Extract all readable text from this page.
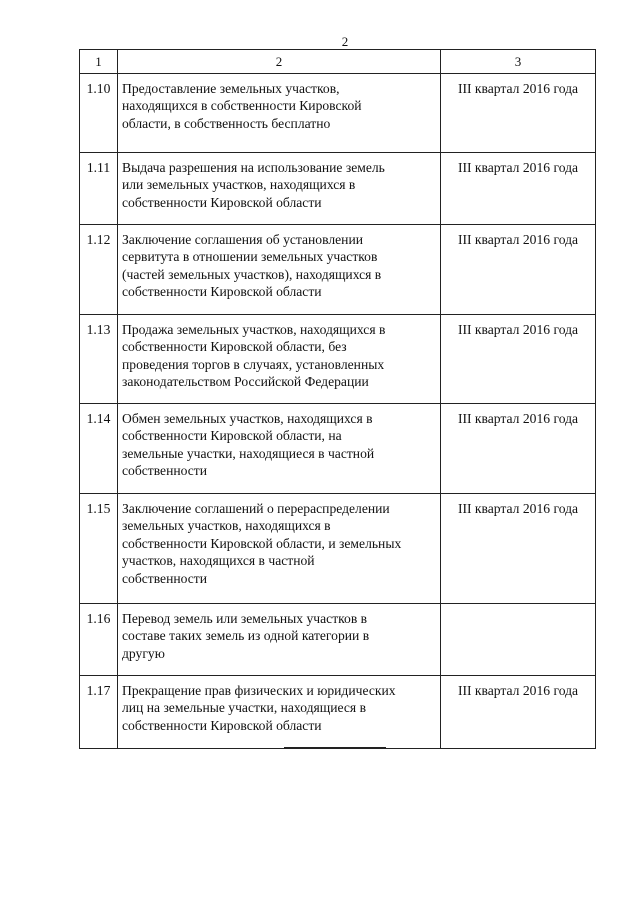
2
1	2	3
1.10	Предоставление земельных участков,
находящихся в собственности Кировской
области, в собственность бесплатно	III квартал 2016 года
1.11	Выдача разрешения на использование земель
или земельных участков, находящихся в
собственности Кировской области	III квартал 2016 года
1.12	Заключение соглашения об установлении
сервитута в отношении земельных участков
(частей земельных участков), находящихся в
собственности Кировской области	III квартал 2016 года
1.13	Продажа земельных участков, находящихся в
собственности Кировской области, без
проведения торгов в случаях, установленных
законодательством Российской Федерации	III квартал 2016 года
1.14	Обмен земельных участков, находящихся в
собственности Кировской области, на
земельные участки, находящиеся в частной
собственности	III квартал 2016 года
1.15	Заключение соглашений о перераспределении
земельных участков, находящихся в
собственности Кировской области, и земельных
участков, находящихся в частной
собственности	III квартал 2016 года
1.16	Перевод земель или земельных участков в
составе таких земель из одной категории в
другую	

1.17	Прекращение прав физических и юридических
лиц на земельные участки, находящиеся в
собственности Кировской области	III квартал 2016 года
